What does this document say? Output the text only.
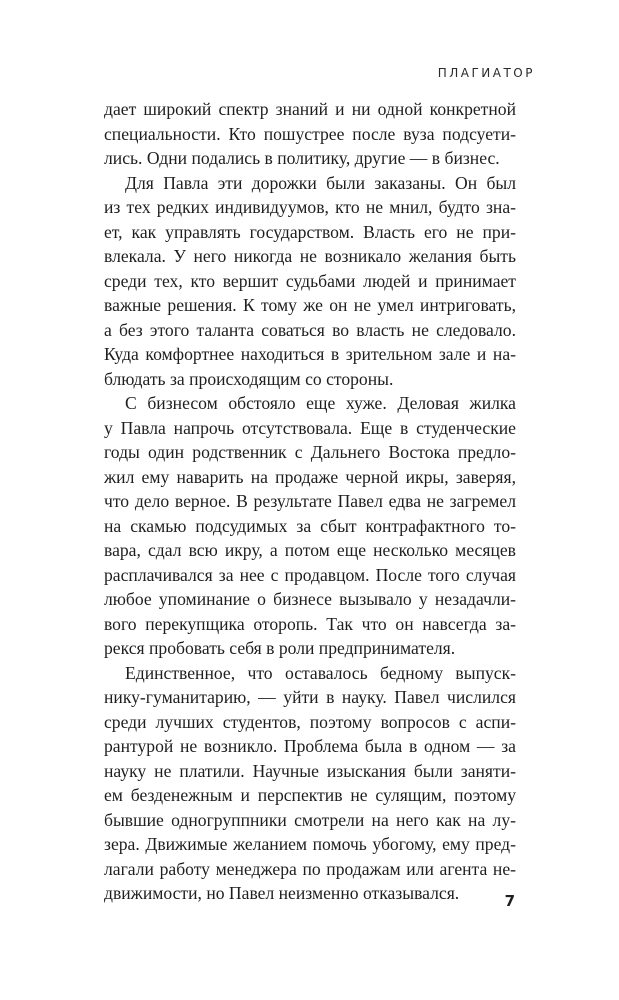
ПЛАГИАТОР
дает широкий спектр знаний и ни одной конкретной
специальности. Кто пошустрее после вуза подсуети-
лись. Одни подались в политику, другие — в бизнес.
Для Павла эти дорожки были заказаны. Он был
из тех редких индивидуумов, кто не мнил, будто зна-
ет, как управлять государством. Власть его не при-
влекала. У него никогда не возникало желания быть
среди тех, кто вершит судьбами людей и принимает
важные решения. К тому же он не умел интриговать,
а без этого таланта соваться во власть не следовало.
Куда комфортнее находиться в зрительном зале и на-
блюдать за происходящим со стороны.
С бизнесом обстояло еще хуже. Деловая жилка
у Павла напрочь отсутствовала. Еще в студенческие
годы один родственник с Дальнего Востока предло-
жил ему наварить на продаже черной икры, заверяя,
что дело верное. В результате Павел едва не загремел
на скамью подсудимых за сбыт контрафактного то-
вара, сдал всю икру, а потом еще несколько месяцев
расплачивался за нее с продавцом. После того случая
любое упоминание о бизнесе вызывало у незадачли-
вого перекупщика оторопь. Так что он навсегда за-
рекся пробовать себя в роли предпринимателя.
Единственное, что оставалось бедному выпуск-
нику-гуманитарию, — уйти в науку. Павел числился
среди лучших студентов, поэтому вопросов с аспи-
рантурой не возникло. Проблема была в одном — за
науку не платили. Научные изыскания были заняти-
ем безденежным и перспектив не сулящим, поэтому
бывшие одногруппники смотрели на него как на лу-
зера. Движимые желанием помочь убогому, ему пред-
лагали работу менеджера по продажам или агента не-
движимости, но Павел неизменно отказывался.	7
